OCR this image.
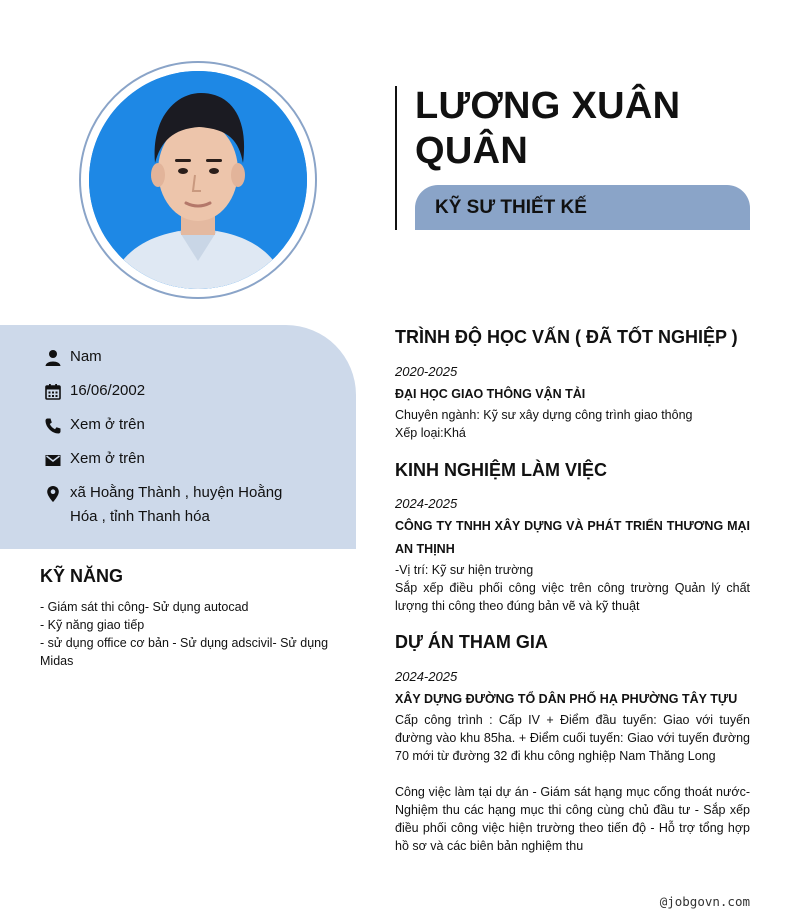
LƯƠNG XUÂN QUÂN
KỸ SƯ THIẾT KẾ
Nam
16/06/2002
Xem ở trên
Xem ở trên
xã Hoằng Thành , huyện Hoằng Hóa , tỉnh Thanh hóa
KỸ NĂNG
- Giám sát thi công- Sử dụng autocad
- Kỹ năng giao tiếp
- sử dụng office cơ bản - Sử dụng adscivil- Sử dụng Midas
TRÌNH ĐỘ HỌC VẤN ( ĐÃ TỐT NGHIỆP )
2020-2025
ĐẠI HỌC GIAO THÔNG VẬN TẢI
Chuyên ngành: Kỹ sư xây dựng công trình giao thông
Xếp loại:Khá
KINH NGHIỆM LÀM VIỆC
2024-2025
CÔNG TY TNHH XÂY DỰNG VÀ PHÁT TRIỂN THƯƠNG MẠI AN THỊNH
-Vị trí: Kỹ sư hiện trường
Sắp xếp điều phối công việc trên công trường Quản lý chất lượng thi công theo đúng bản vẽ và kỹ thuật
DỰ ÁN THAM GIA
2024-2025
XÂY DỰNG ĐƯỜNG TỔ DÂN PHỐ HẠ PHƯỜNG TÂY TỰU
Cấp công trình : Cấp IV + Điểm đầu tuyến: Giao với tuyến đường vào khu 85ha. + Điểm cuối tuyến: Giao với tuyến đường 70 mới từ đường 32 đi khu công nghiệp Nam Thăng Long
Công việc làm tại dự án - Giám sát hạng mục cống thoát nước- Nghiệm thu các hạng mục thi công cùng chủ đầu tư - Sắp xếp điều phối công việc hiện trường theo tiến độ - Hỗ trợ tổng hợp hồ sơ và các biên bản nghiệm thu
@jobgovn.com
